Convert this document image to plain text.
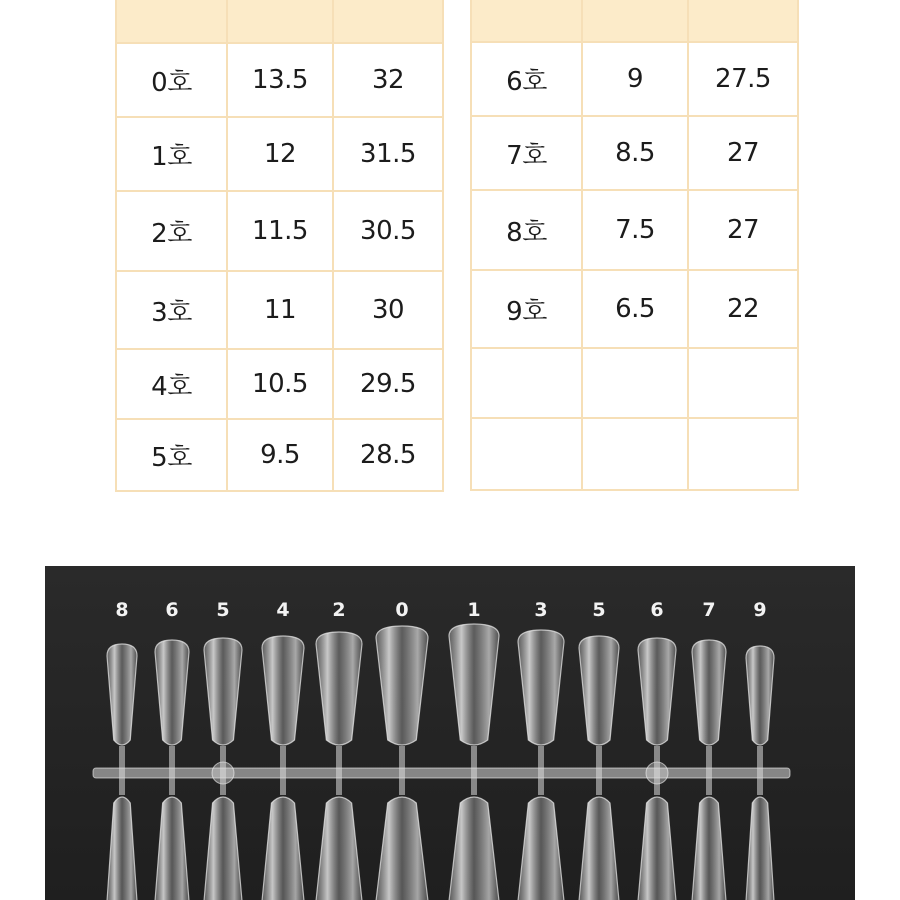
0호	13.5	32
1호	12	31.5
2호	11.5	30.5
3호	11	30
4호	10.5	29.5
5호	9.5	28.5

6호	9	27.5
7호	8.5	27
8호	7.5	27
9호	6.5	22

8 6 5 4 2	0	1	3 5 6 7 9
